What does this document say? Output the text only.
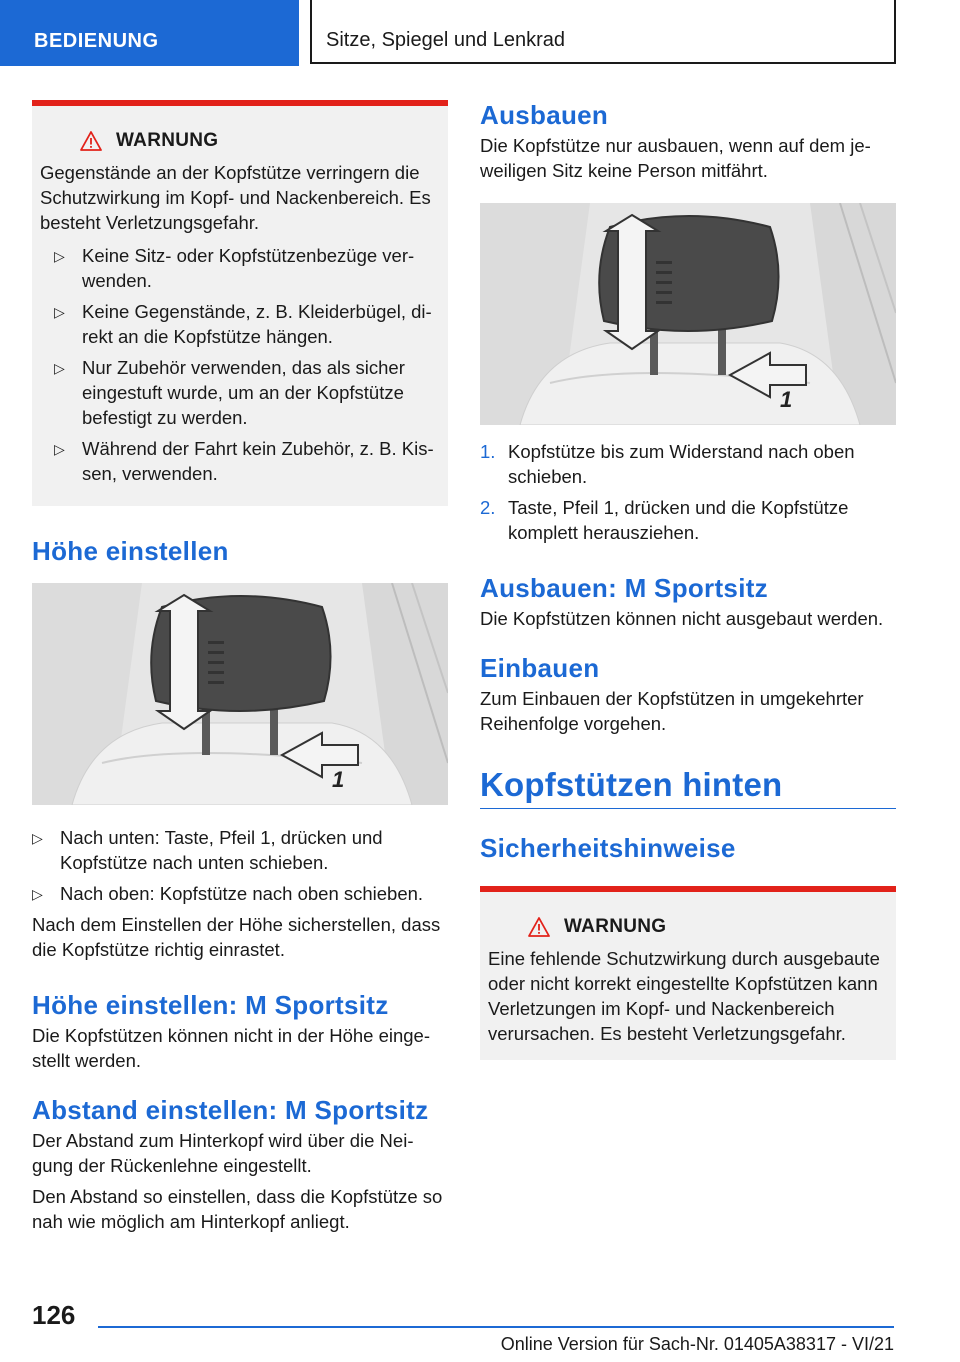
BEDIENUNG	Sitze, Spiegel und Lenkrad
WARNUNG

Gegenstände an der Kopfstütze verringern die Schutzwirkung im Kopf- und Nackenbereich. Es besteht Verletzungsgefahr.

▷ Keine Sitz- oder Kopfstützenbezüge verwenden.
▷ Keine Gegenstände, z. B. Kleiderbügel, direkt an die Kopfstütze hängen.
▷ Nur Zubehör verwenden, das als sicher eingestuft wurde, um an der Kopfstütze befestigt zu werden.
▷ Während der Fahrt kein Zubehör, z. B. Kissen, verwenden.
Höhe einstellen
1
▷ Nach unten: Taste, Pfeil 1, drücken und Kopfstütze nach unten schieben.
▷ Nach oben: Kopfstütze nach oben schieben.

Nach dem Einstellen der Höhe sicherstellen, dass die Kopfstütze richtig einrastet.

Höhe einstellen: M Sportsitz

Die Kopfstützen können nicht in der Höhe eingestellt werden.

Abstand einstellen: M Sportsitz

Der Abstand zum Hinterkopf wird über die Neigung der Rückenlehne eingestellt.

Den Abstand so einstellen, dass die Kopfstütze so nah wie möglich am Hinterkopf anliegt.

Ausbauen

Die Kopfstütze nur ausbauen, wenn auf dem jeweiligen Sitz keine Person mitfährt.

1
1. Kopfstütze bis zum Widerstand nach oben schieben.
2. Taste, Pfeil 1, drücken und die Kopfstütze komplett herausziehen.
Ausbauen: M Sportsitz

Die Kopfstützen können nicht ausgebaut werden.

Einbauen

Zum Einbauen der Kopfstützen in umgekehrter Reihenfolge vorgehen.

Kopfstützen hinten
Sicherheitshinweise
WARNUNG

Eine fehlende Schutzwirkung durch ausgebaute oder nicht korrekt eingestellte Kopfstützen kann Verletzungen im Kopf- und Nackenbereich verursachen. Es besteht Verletzungsgefahr.

126
Online Version für Sach-Nr. 01405A38317 - VI/21
